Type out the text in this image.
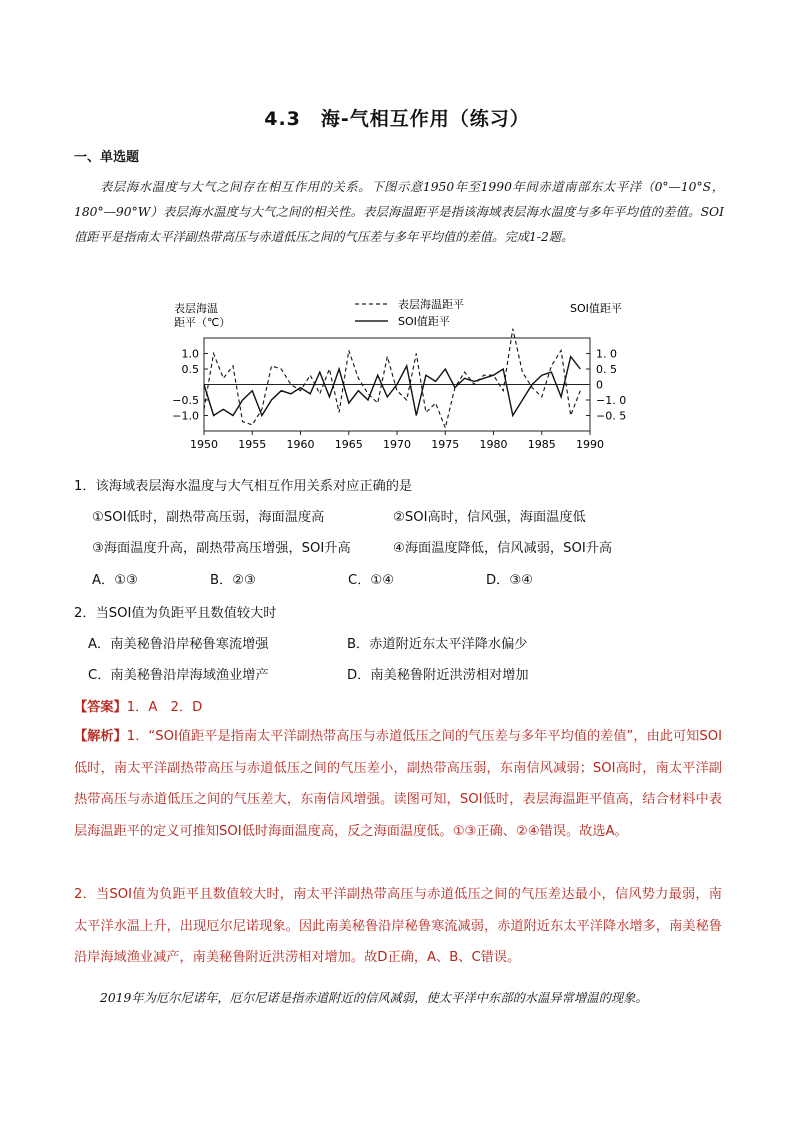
4.3　海-气相互作用（练习）
一、单选题
表层海水温度与大气之间存在相互作用的关系。下图示意1950年至1990年间赤道南部东太平洋（0°—10°S，180°—90°W）表层海水温度与大气之间的相关性。表层海温距平是指该海域表层海水温度与多年平均值的差值。SOI值距平是指南太平洋副热带高压与赤道低压之间的气压差与多年平均值的差值。完成1-2题。
表层海温
距平（℃）
SOI值距平
表层海温距平
SOI值距平
1950 1955 1960 1965 1970 1975 1980 1985 1990
1.0
0.5
−0.5
−1.0
1. 0
0. 5
0
−1. 0
−0. 5
1．该海域表层海水温度与大气相互作用关系对应正确的是
①SOI低时，副热带高压弱，海面温度高	②SOI高时，信风强，海面温度低
③海面温度升高，副热带高压增强，SOI升高	④海面温度降低，信风减弱，SOI升高
A．①③	B．②③	C．①④	D．③④
2．当SOI值为负距平且数值较大时
A．南美秘鲁沿岸秘鲁寒流增强	B．赤道附近东太平洋降水偏少
C．南美秘鲁沿岸海域渔业增产	D．南美秘鲁附近洪涝相对增加
【答案】1．A　2．D
【解析】1．“SOI值距平是指南太平洋副热带高压与赤道低压之间的气压差与多年平均值的差值”，由此可知SOI低时，南太平洋副热带高压与赤道低压之间的气压差小，副热带高压弱，东南信风减弱；SOI高时，南太平洋副热带高压与赤道低压之间的气压差大，东南信风增强。读图可知，SOI低时，表层海温距平值高，结合材料中表层海温距平的定义可推知SOI低时海面温度高，反之海面温度低。①③正确、②④错误。故选A。
2．当SOI值为负距平且数值较大时，南太平洋副热带高压与赤道低压之间的气压差达最小，信风势力最弱，南太平洋水温上升，出现厄尔尼诺现象。因此南美秘鲁沿岸秘鲁寒流减弱，赤道附近东太平洋降水增多，南美秘鲁沿岸海域渔业减产，南美秘鲁附近洪涝相对增加。故D正确，A、B、C错误。
2019年为厄尔尼诺年，厄尔尼诺是指赤道附近的信风减弱，使太平洋中东部的水温异常增温的现象。
